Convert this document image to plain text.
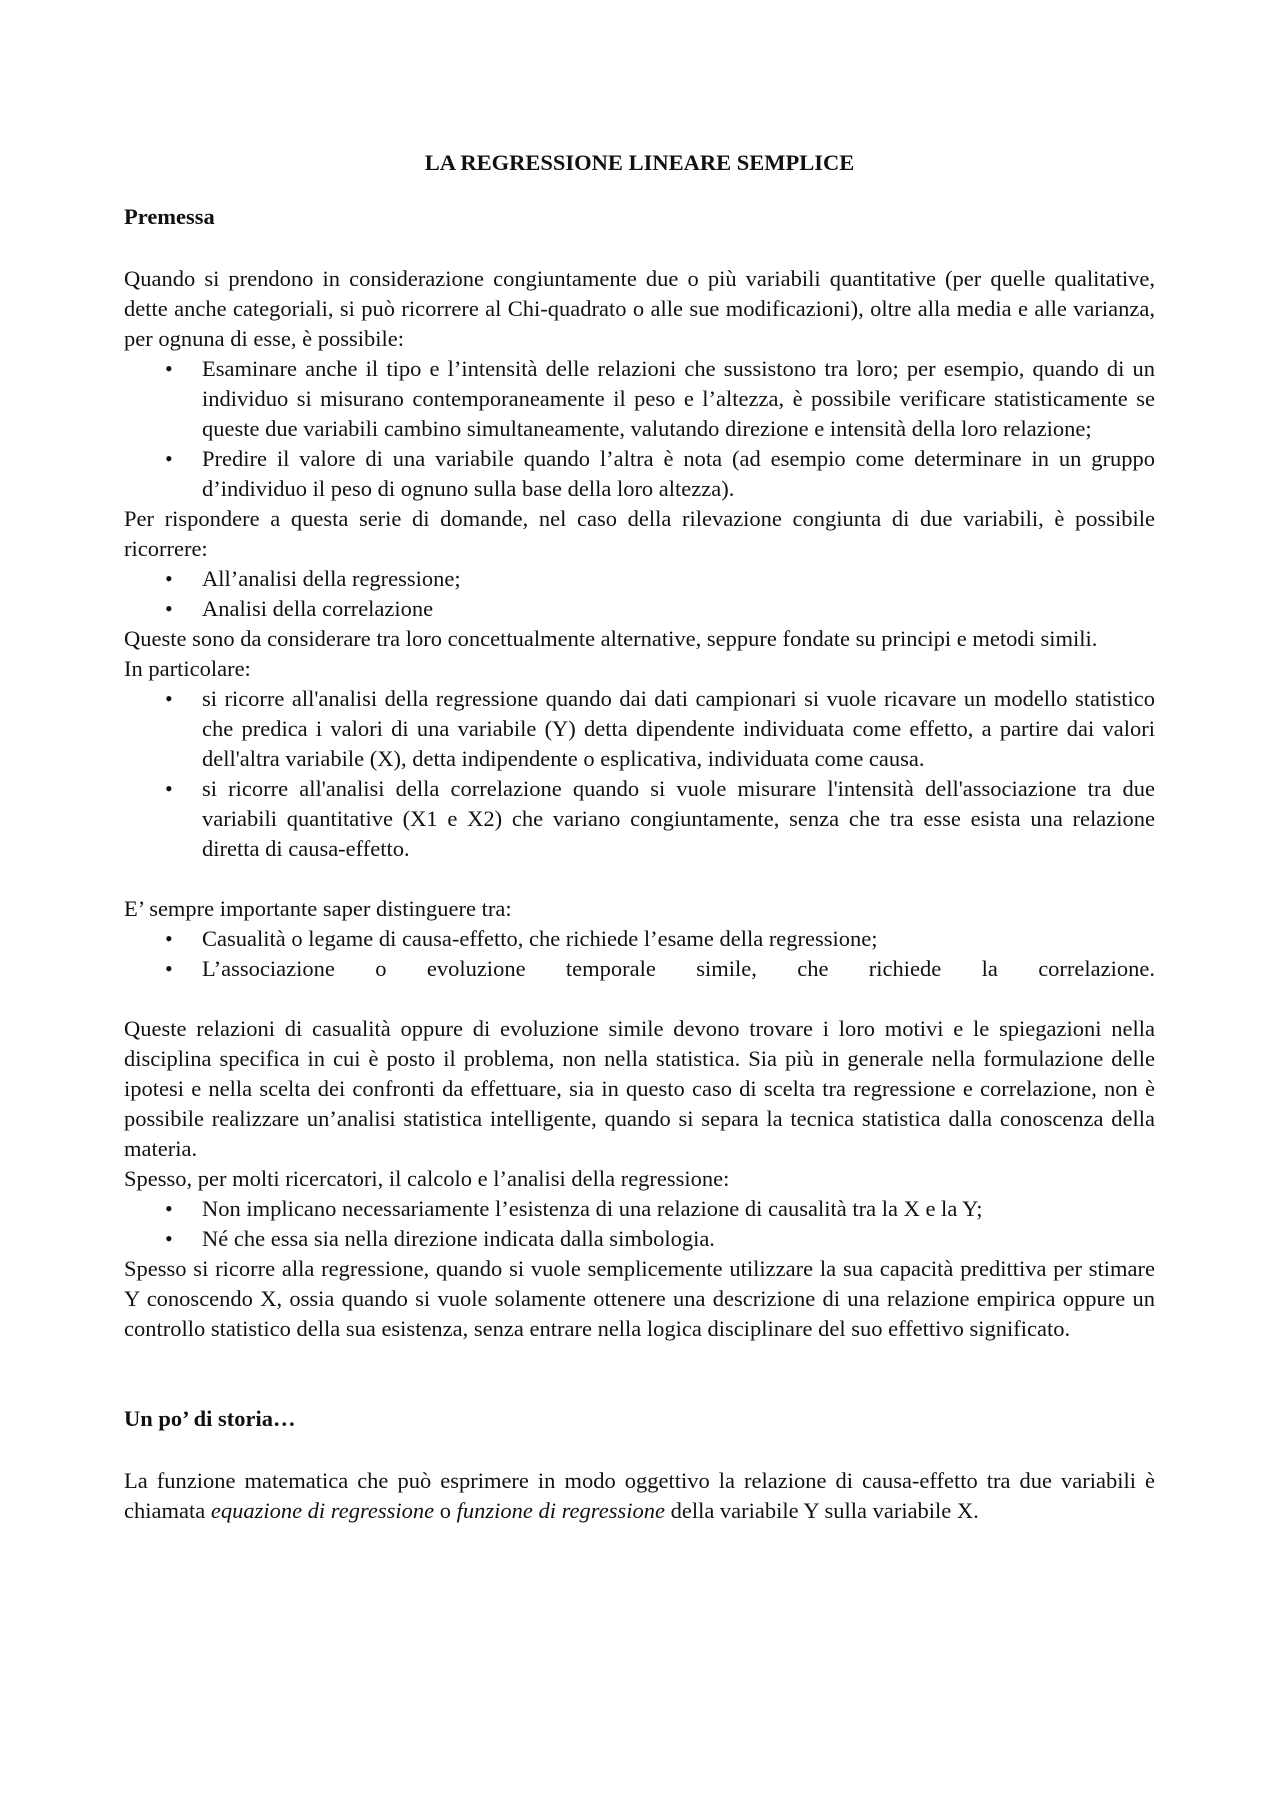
LA REGRESSIONE LINEARE SEMPLICE
Premessa

Quando si prendono in considerazione congiuntamente due o più variabili quantitative (per quelle qualitative, dette anche categoriali, si può ricorrere al Chi-quadrato o alle sue modificazioni), oltre alla media e alle varianza, per ognuna di esse, è possibile:

• Esaminare anche il tipo e l’intensità delle relazioni che sussistono tra loro; per esempio, quando di un individuo si misurano contemporaneamente il peso e l’altezza, è possibile verificare statisticamente se queste due variabili cambino simultaneamente, valutando direzione e intensità della loro relazione;
• Predire il valore di una variabile quando l’altra è nota (ad esempio come determinare in un gruppo d’individuo il peso di ognuno sulla base della loro altezza).

Per rispondere a questa serie di domande, nel caso della rilevazione congiunta di due variabili, è possibile ricorrere:

• All’analisi della regressione;
• Analisi della correlazione

Queste sono da considerare tra loro concettualmente alternative, seppure fondate su principi e metodi simili.

In particolare:

• si ricorre all'analisi della regressione quando dai dati campionari si vuole ricavare un modello statistico che predica i valori di una variabile (Y) detta dipendente individuata come effetto, a partire dai valori dell'altra variabile (X), detta indipendente o esplicativa, individuata come causa.
• si ricorre all'analisi della correlazione quando si vuole misurare l'intensità dell'associazione tra due variabili quantitative (X1 e X2) che variano congiuntamente, senza che tra esse esista una relazione diretta di causa-effetto.

E’ sempre importante saper distinguere tra:

• Casualità o legame di causa-effetto, che richiede l’esame della regressione;
• L’associazione o evoluzione temporale simile, che richiede la correlazione.

Queste relazioni di casualità oppure di evoluzione simile devono trovare i loro motivi e le spiegazioni nella disciplina specifica in cui è posto il problema, non nella statistica. Sia più in generale nella formulazione delle ipotesi e nella scelta dei confronti da effettuare, sia in questo caso di scelta tra regressione e correlazione, non è possibile realizzare un’analisi statistica intelligente, quando si separa la tecnica statistica dalla conoscenza della materia.

Spesso, per molti ricercatori, il calcolo e l’analisi della regressione:

• Non implicano necessariamente l’esistenza di una relazione di causalità tra la X e la Y;
• Né che essa sia nella direzione indicata dalla simbologia.

Spesso si ricorre alla regressione, quando si vuole semplicemente utilizzare la sua capacità predittiva per stimare Y conoscendo X, ossia quando si vuole solamente ottenere una descrizione di una relazione empirica oppure un controllo statistico della sua esistenza, senza entrare nella logica disciplinare del suo effettivo significato.

Un po’ di storia…

La funzione matematica che può esprimere in modo oggettivo la relazione di causa-effetto tra due variabili è chiamata equazione di regressione o funzione di regressione della variabile Y sulla variabile X.
